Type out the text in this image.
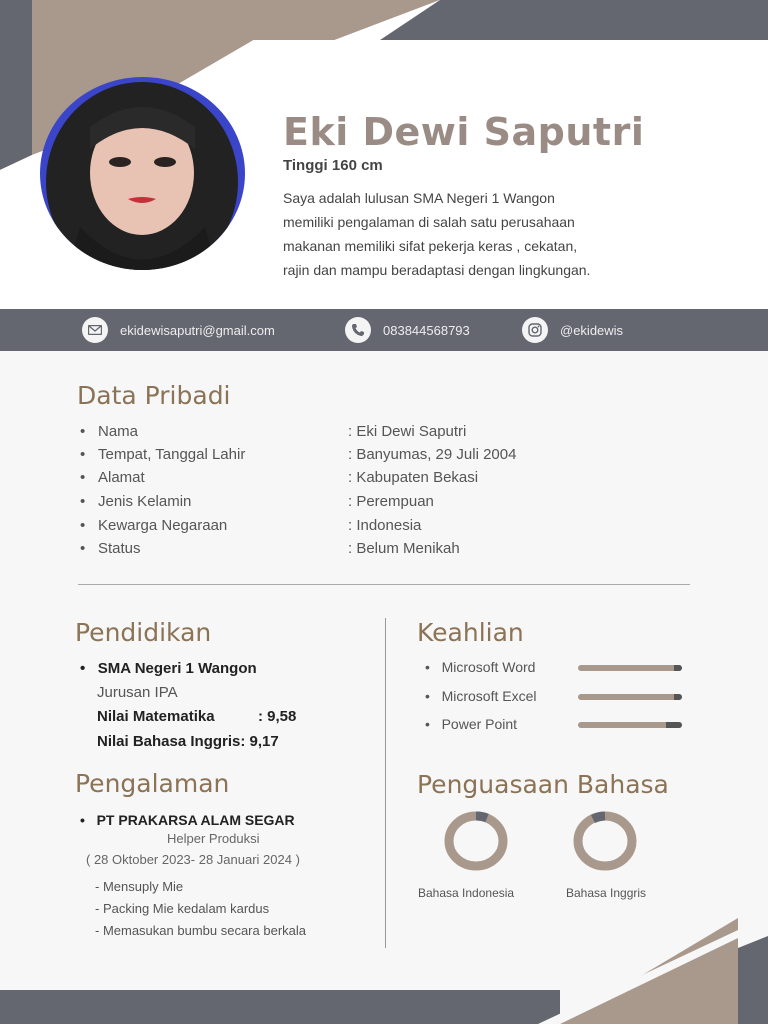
Eki Dewi Saputri
Tinggi 160 cm
Saya adalah lulusan SMA Negeri 1 Wangon
memiliki pengalaman di salah satu perusahaan
makanan memiliki sifat pekerja keras , cekatan,
rajin dan mampu beradaptasi dengan lingkungan.
ekidewisaputri@gmail.com	083844568793	@ekidewis
Data Pribadi
• Nama	: Eki Dewi Saputri
• Tempat, Tanggal Lahir	: Banyumas, 29 Juli 2004
• Alamat	: Kabupaten Bekasi
• Jenis Kelamin	: Perempuan
• Kewarga Negaraan	: Indonesia
• Status	: Belum Menikah
Pendidikan
•   SMA Negeri 1 Wangon
Jurusan IPA
Nilai Matematika	: 9,58
Nilai Bahasa Inggris: 9,17
Pengalaman
•   PT PRAKARSA ALAM SEGAR
Helper Produksi
( 28 Oktober 2023- 28 Januari 2024 )
- Mensuply Mie
- Packing Mie kedalam kardus
- Memasukan bumbu secara berkala
Keahlian
•   Microsoft Word
•   Microsoft Excel
•   Power Point
Penguasaan Bahasa
Bahasa Indonesia	Bahasa Inggris
